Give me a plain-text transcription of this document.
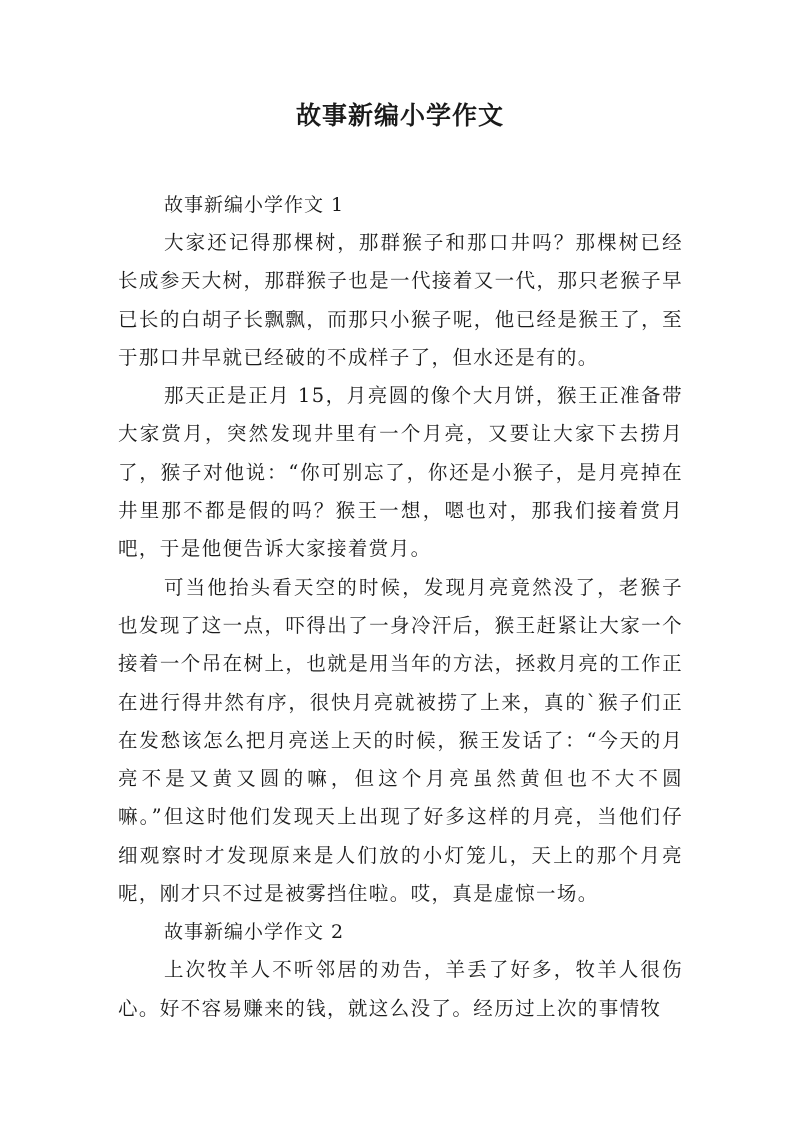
故事新编小学作文

故事新编小学作文 1

大家还记得那棵树，那群猴子和那口井吗？那棵树已经长成参天大树，那群猴子也是一代接着又一代，那只老猴子早已长的白胡子长飘飘，而那只小猴子呢，他已经是猴王了，至于那口井早就已经破的不成样子了，但水还是有的。

那天正是正月 15，月亮圆的像个大月饼，猴王正准备带大家赏月，突然发现井里有一个月亮，又要让大家下去捞月了，猴子对他说：“你可别忘了，你还是小猴子，是月亮掉在井里那不都是假的吗？猴王一想，嗯也对，那我们接着赏月吧，于是他便告诉大家接着赏月。

可当他抬头看天空的时候，发现月亮竟然没了，老猴子也发现了这一点，吓得出了一身冷汗后，猴王赶紧让大家一个接着一个吊在树上，也就是用当年的方法，拯救月亮的工作正在进行得井然有序，很快月亮就被捞了上来，真的`猴子们正在发愁该怎么把月亮送上天的时候，猴王发话了：“今天的月亮不是又黄又圆的嘛，但这个月亮虽然黄但也不大不圆嘛。”但这时他们发现天上出现了好多这样的月亮，当他们仔细观察时才发现原来是人们放的小灯笼儿，天上的那个月亮呢，刚才只不过是被雾挡住啦。哎，真是虚惊一场。

故事新编小学作文 2

上次牧羊人不听邻居的劝告，羊丢了好多，牧羊人很伤心。好不容易赚来的钱，就这么没了。经历过上次的事情牧
